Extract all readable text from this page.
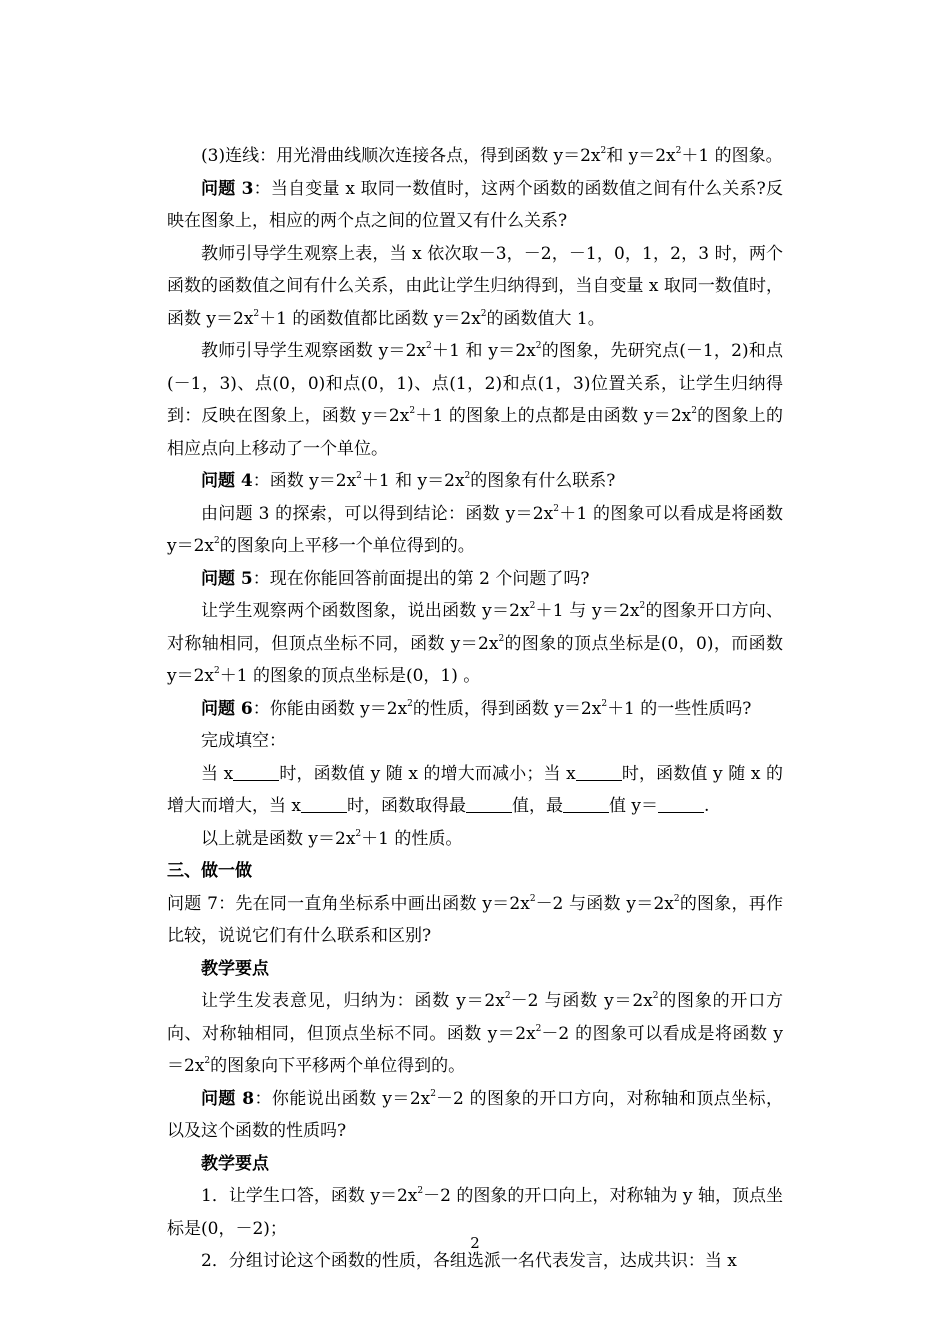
(3)连线：用光滑曲线顺次连接各点，得到函数 $y=2x^2$和 $y=2x^2+1$ 的图象。

问题 3：当自变量 x 取同一数值时，这两个函数的函数值之间有什么关系?反映在图象上，相应的两个点之间的位置又有什么关系?

教师引导学生观察上表，当 x 依次取－3，－2，－1，0，1，2，3 时，两个函数的函数值之间有什么关系，由此让学生归纳得到，当自变量 x 取同一数值时，函数 $y=2x^2+1$ 的函数值都比函数 $y=2x^2$的函数值大 1。

教师引导学生观察函数 $y=2x^2+1$ 和 $y=2x^2$的图象，先研究点(－1，2)和点(－1，3)、点(0，0)和点(0，1)、点(1，2)和点(1，3)位置关系，让学生归纳得到：反映在图象上，函数 $y=2x^2+1$ 的图象上的点都是由函数 $y=2x^2$的图象上的相应点向上移动了一个单位。

问题 4：函数 $y=2x^2+1$ 和 $y=2x^2$的图象有什么联系?

由问题 3 的探索，可以得到结论：函数 $y=2x^2+1$ 的图象可以看成是将函数 $y=2x^2$的图象向上平移一个单位得到的。

问题 5：现在你能回答前面提出的第 2 个问题了吗?

让学生观察两个函数图象，说出函数 $y=2x^2+1$ 与 $y=2x^2$的图象开口方向、对称轴相同，但顶点坐标不同，函数 $y=2x^2$的图象的顶点坐标是(0，0)，而函数 $y=2x^2+1$ 的图象的顶点坐标是(0，1) 。

问题 6：你能由函数 $y=2x^2$的性质，得到函数 $y=2x^2+1$ 的一些性质吗?

完成填空：

当 x	时，函数值 y 随 x 的增大而减小；当 x	时，函数值 y 随 x 的增大而增大，当 x	时，函数取得最	值，最	值 y＝	.

以上就是函数 $y=2x^2+1$ 的性质。

三、做一做

问题 7：先在同一直角坐标系中画出函数 $y=2x^2-2$ 与函数 $y=2x^2$的图象，再作比较，说说它们有什么联系和区别?

教学要点

让学生发表意见，归纳为：函数 $y=2x^2-2$ 与函数 $y=2x^2$的图象的开口方向、对称轴相同，但顶点坐标不同。函数 $y=2x^2-2$ 的图象可以看成是将函数 $y=2x^2$的图象向下平移两个单位得到的。

问题 8：你能说出函数 $y=2x^2-2$ 的图象的开口方向，对称轴和顶点坐标，以及这个函数的性质吗?

教学要点

1．让学生口答，函数 $y=2x^2-2$ 的图象的开口向上，对称轴为 y 轴，顶点坐标是(0，－2)；

2．分组讨论这个函数的性质，各组选派一名代表发言，达成共识：当 x

2
